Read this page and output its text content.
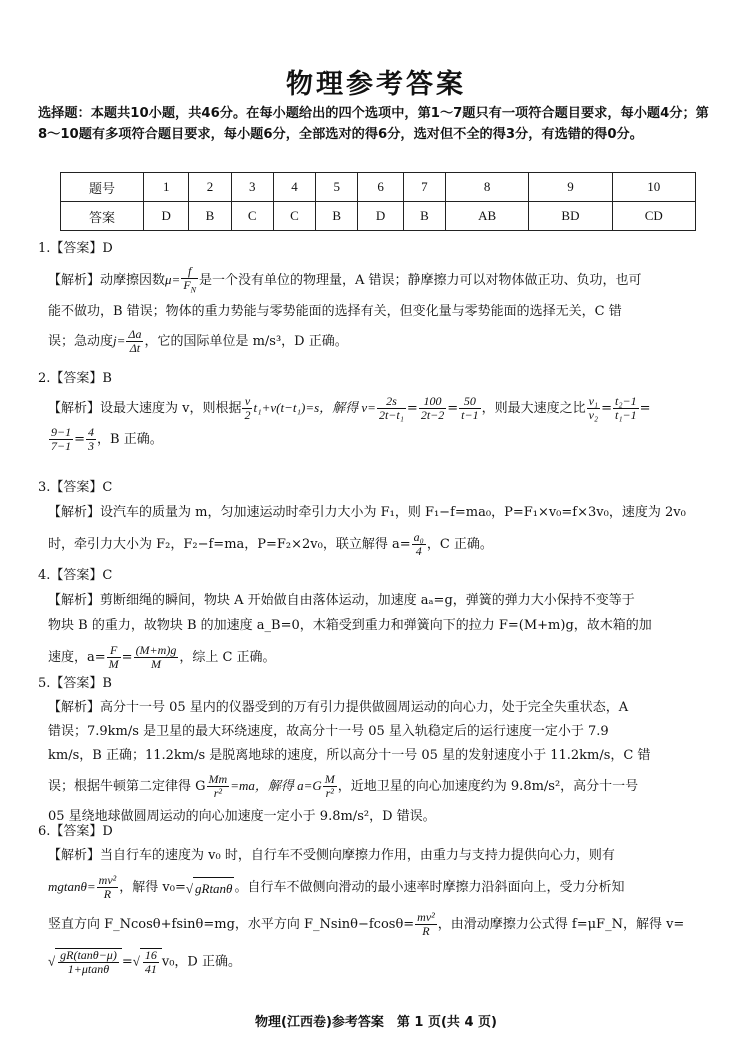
物理参考答案
选择题：本题共10小题，共46分。在每小题给出的四个选项中，第1～7题只有一项符合题目要求，每小题4分；第8～10题有多项符合题目要求，每小题6分，全部选对的得6分，选对但不全的得3分，有选错的得0分。
题号	1	2	3	4	5	6	7	8	9	10
答案	D	B	C	C	B	D	B	AB	BD	CD
1.【答案】D
【解析】动摩擦因数$\mu= \frac{f}{F_N}$ 是一个没有单位的物理量，A 错误；静摩擦力可以对物体做正功、负功，也可
能不做功，B 错误；物体的重力势能与零势能面的选择有关，但变化量与零势能面的选择无关，C 错
误；急动度$j= \frac{\Delta a}{\Delta t}$ ，它的国际单位是 m/s³，D 正确。
2.【答案】B
【解析】设最大速度为 v，则根据 $\frac{v}{2} t_1+v(t-t_1)=s$，解得 $v= \frac{2s}{\text{2t−t₁}} = \frac{100}{2t-2} = \frac{50}{t-1}$ ，则最大速度之比 $\frac{\text{v₁}}{\text{v₂}} = \frac{\text{t₂−1}}{\text{t₁−1}}$ =
$\frac{9-1}{7-1} = \frac{4}{3}$ ，B 正确。
3.【答案】C
【解析】设汽车的质量为 m，匀加速运动时牵引力大小为 F₁，则 F₁−f=ma₀，P=F₁×v₀=f×3v₀，速度为 2v₀
时，牵引力大小为 F₂，F₂−f=ma，P=F₂×2v₀，联立解得 $a= \frac{\text{a₀}}{4}$ ，C 正确。
4.【答案】C
【解析】剪断细绳的瞬间，物块 A 开始做自由落体运动，加速度 aₐ=g，弹簧的弹力大小保持不变等于
物块 B 的重力，故物块 B 的加速度 a_B=0，木箱受到重力和弹簧向下的拉力 F=(M+m)g，故木箱的加
速度，$a= \frac{F}{M} = \frac{(M+m)g}{M}$ ，综上 C 正确。
5.【答案】B
【解析】高分十一号 05 星内的仪器受到的万有引力提供做圆周运动的向心力，处于完全失重状态，A
错误；7.9km/s 是卫星的最大环绕速度，故高分十一号 05 星入轨稳定后的运行速度一定小于 7.9
km/s，B 正确；11.2km/s 是脱离地球的速度，所以高分十一号 05 星的发射速度小于 11.2km/s，C 错
误；根据牛顿第二定律得 G $\frac{Mm}{\text{r²}} =ma$，解得 $a=G \frac{M}{\text{r²}}$ ，近地卫星的向心加速度约为 9.8m/s²，高分十一号
05 星绕地球做圆周运动的向心加速度一定小于 9.8m/s²，D 错误。
6.【答案】D
【解析】当自行车的速度为 v₀ 时，自行车不受侧向摩擦力作用，由重力与支持力提供向心力，则有
$mgtan\theta= \frac{\text{mv²}}{R}$ ，解得 v₀=√ gRtanθ 。自行车不做侧向滑动的最小速率时摩擦力沿斜面向上，受力分析知
竖直方向 F_Ncosθ+fsinθ=mg，水平方向 F_Nsinθ−fcosθ= $\frac{\text{mv²}}{R}$ ，由滑动摩擦力公式得 f=μF_N，解得 v=
√ $\frac{gR(\tan\theta-\mu)}{1+\mu\tan\theta}$ =√ $\frac{16}{41} v_0$，D 正确。
物理(江西卷)参考答案　第 1 页(共 4 页)
